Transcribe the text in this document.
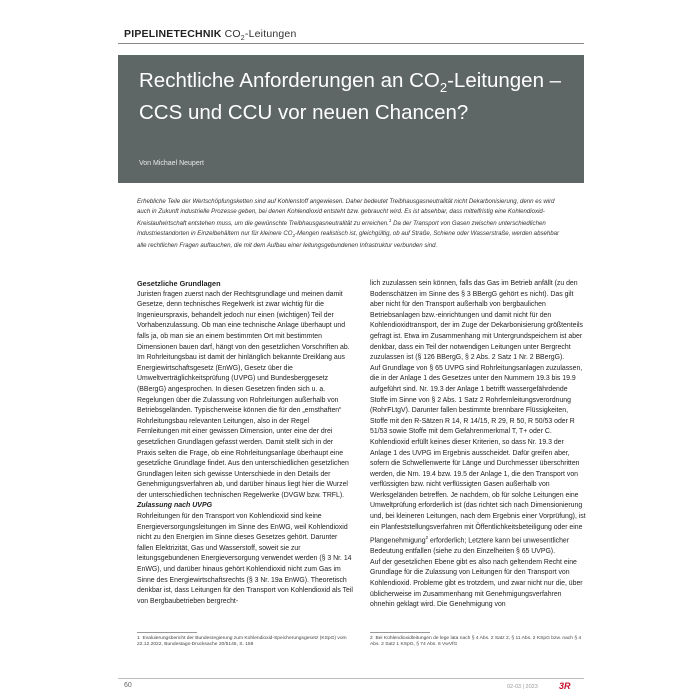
PIPELINETECHNIK $CO_2$-Leitungen
Rechtliche Anforderungen an $CO_2$-Leitungen – CCS und CCU vor neuen Chancen?
Von Michael Neupert

Erhebliche Teile der Wertschöpfungsketten sind auf Kohlenstoff angewiesen. Daher bedeutet Treibhausgasneutralität nicht Dekarbonisierung, denn es wird auch in Zukunft industrielle Prozesse geben, bei denen Kohlendioxid entsteht bzw. gebraucht wird. Es ist absehbar, dass mittelfristig eine Kohlendioxid-Kreislaufwirtschaft entstehen muss, um die gewünschte Treibhausgasneutralität zu erreichen.$^1$ Da der Transport von Gasen zwischen unterschiedlichen Industriestandorten in Einzelbehältern nur für kleinere $CO_2$-Mengen realistisch ist, gleichgültig, ob auf Straße, Schiene oder Wasserstraße, werden absehbar alle rechtlichen Fragen auftauchen, die mit dem Aufbau einer leitungsgebundenen Infrastruktur verbunden sind.

Gesetzliche Grundlagen

Juristen fragen zuerst nach der Rechtsgrundlage und meinen damit Gesetze, denn technisches Regelwerk ist zwar wichtig für die Ingenieurspraxis, behandelt jedoch nur einen (wichtigen) Teil der Vorhabenzulassung. Ob man eine technische Anlage überhaupt und falls ja, ob man sie an einem bestimmten Ort mit bestimmten Dimensionen bauen darf, hängt von den gesetzlichen Vorschriften ab.

Im Rohrleitungsbau ist damit der hinlänglich bekannte Dreiklang aus Energiewirtschaftsgesetz (EnWG), Gesetz über die Umweltverträglichkeitsprüfung (UVPG) und Bundesberggesetz (BBergG) angesprochen. In diesen Gesetzen finden sich u. a. Regelungen über die Zulassung von Rohrleitungen außerhalb von Betriebsgeländen. Typischerweise können die für den „ernsthaften“ Rohrleitungsbau relevanten Leitungen, also in der Regel Fernleitungen mit einer gewissen Dimension, unter eine der drei gesetzlichen Grundlagen gefasst werden. Damit stellt sich in der Praxis selten die Frage, ob eine Rohrleitungsanlage überhaupt eine gesetzliche Grundlage findet. Aus den unterschiedlichen gesetzlichen Grundlagen leiten sich gewisse Unterschiede in den Details der Genehmigungsverfahren ab, und darüber hinaus liegt hier die Wurzel der unterschiedlichen technischen Regelwerke (DVGW bzw. TRFL).

Zulassung nach UVPG

Rohrleitungen für den Transport von Kohlendioxid sind keine Energieversorgungsleitungen im Sinne des EnWG, weil Kohlendioxid nicht zu den Energien im Sinne dieses Gesetzes gehört. Darunter fallen Elektrizität, Gas und Wasserstoff, soweit sie zur leitungsgebundenen Energieversorgung verwendet werden (§ 3 Nr. 14 EnWG), und darüber hinaus gehört Kohlendioxid nicht zum Gas im Sinne des Energiewirtschaftsrechts (§ 3 Nr. 19a EnWG). Theoretisch denkbar ist, dass Leitungen für den Transport von Kohlendioxid als Teil von Bergbaubetrieben bergrecht-

lich zuzulassen sein können, falls das Gas im Betrieb anfällt (zu den Bodenschätzen im Sinne des § 3 BBergG gehört es nicht). Das gilt aber nicht für den Transport außerhalb von bergbaulichen Betriebsanlagen bzw.-einrichtungen und damit nicht für den Kohlendioxidtransport, der im Zuge der Dekarbonisierung größtenteils gefragt ist. Etwa im Zusammenhang mit Untergrundspeichern ist aber denkbar, dass ein Teil der notwendigen Leitungen unter Bergrecht zuzulassen ist (§ 126 BBergG, § 2 Abs. 2 Satz 1 Nr. 2 BBergG).

Auf Grundlage von § 65 UVPG sind Rohrleitungsanlagen zuzulassen, die in der Anlage 1 des Gesetzes unter den Nummern 19.3 bis 19.9 aufgeführt sind. Nr. 19.3 der Anlage 1 betrifft wassergefährdende Stoffe im Sinne von § 2 Abs. 1 Satz 2 Rohrfernleitungsverordnung (RohrFLtgV). Darunter fallen bestimmte brennbare Flüssigkeiten, Stoffe mit den R-Sätzen R 14, R 14/15, R 29, R 50, R 50/53 oder R 51/53 sowie Stoffe mit dem Gefahrenmerkmal T, T+ oder C. Kohlendioxid erfüllt keines dieser Kriterien, so dass Nr. 19.3 der Anlage 1 des UVPG im Ergebnis ausscheidet. Dafür greifen aber, sofern die Schwellenwerte für Länge und Durchmesser überschritten werden, die Nrn. 19.4 bzw. 19.5 der Anlage 1, die den Transport von verflüssigten bzw. nicht verflüssigten Gasen außerhalb von Werksgeländen betreffen. Je nachdem, ob für solche Leitungen eine Umweltprüfung erforderlich ist (das richtet sich nach Dimensionierung und, bei kleineren Leitungen, nach dem Ergebnis einer Vorprüfung), ist ein Planfeststellungsverfahren mit Öffentlichkeitsbeteiligung oder eine Plangenehmigung$^2$ erforderlich; Letztere kann bei unwesentlicher Bedeutung entfallen (siehe zu den Einzelheiten § 65 UVPG).

Auf der gesetzlichen Ebene gibt es also nach geltendem Recht eine Grundlage für die Zulassung von Leitungen für den Transport von Kohlendioxid. Probleme gibt es trotzdem, und zwar nicht nur die, über üblicherweise im Zusammenhang mit Genehmigungsverfahren ohnehin geklagt wird. Die Genehmigung von

1 Evaluierungsbericht der Bundesregierung zum Kohlendioxid-Speicherungsgesetz (KSpG) vom 22.12.2022, Bundestags-Drucksache 20/5145, S. 158

2 Bei Kohlendioxidleitungen de lege lata nach § 4 Abs. 2 Satz 2, § 11 Abs. 2 KSpG bzw. nach § 4 Abs. 2 Satz 1 KSpG, § 74 Abs. 6 VwVfG

60	02-03 | 2023 3R
